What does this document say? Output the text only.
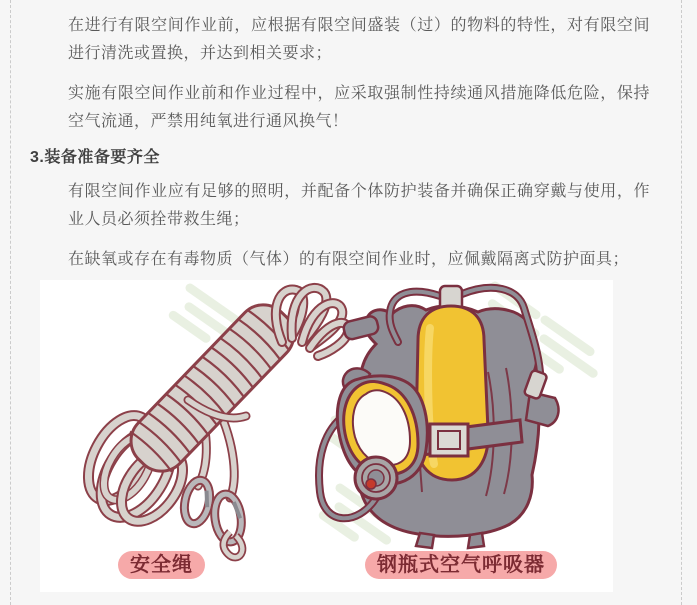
在进行有限空间作业前，应根据有限空间盛装（过）的物料的特性，对有限空间进行清洗或置换，并达到相关要求；

实施有限空间作业前和作业过程中，应采取强制性持续通风措施降低危险，保持空气流通，严禁用纯氧进行通风换气！

3.装备准备要齐全

有限空间作业应有足够的照明，并配备个体防护装备并确保正确穿戴与使用，作业人员必须拴带救生绳；

在缺氧或存在有毒物质（气体）的有限空间作业时，应佩戴隔离式防护面具；

安全绳	钢瓶式空气呼吸器
